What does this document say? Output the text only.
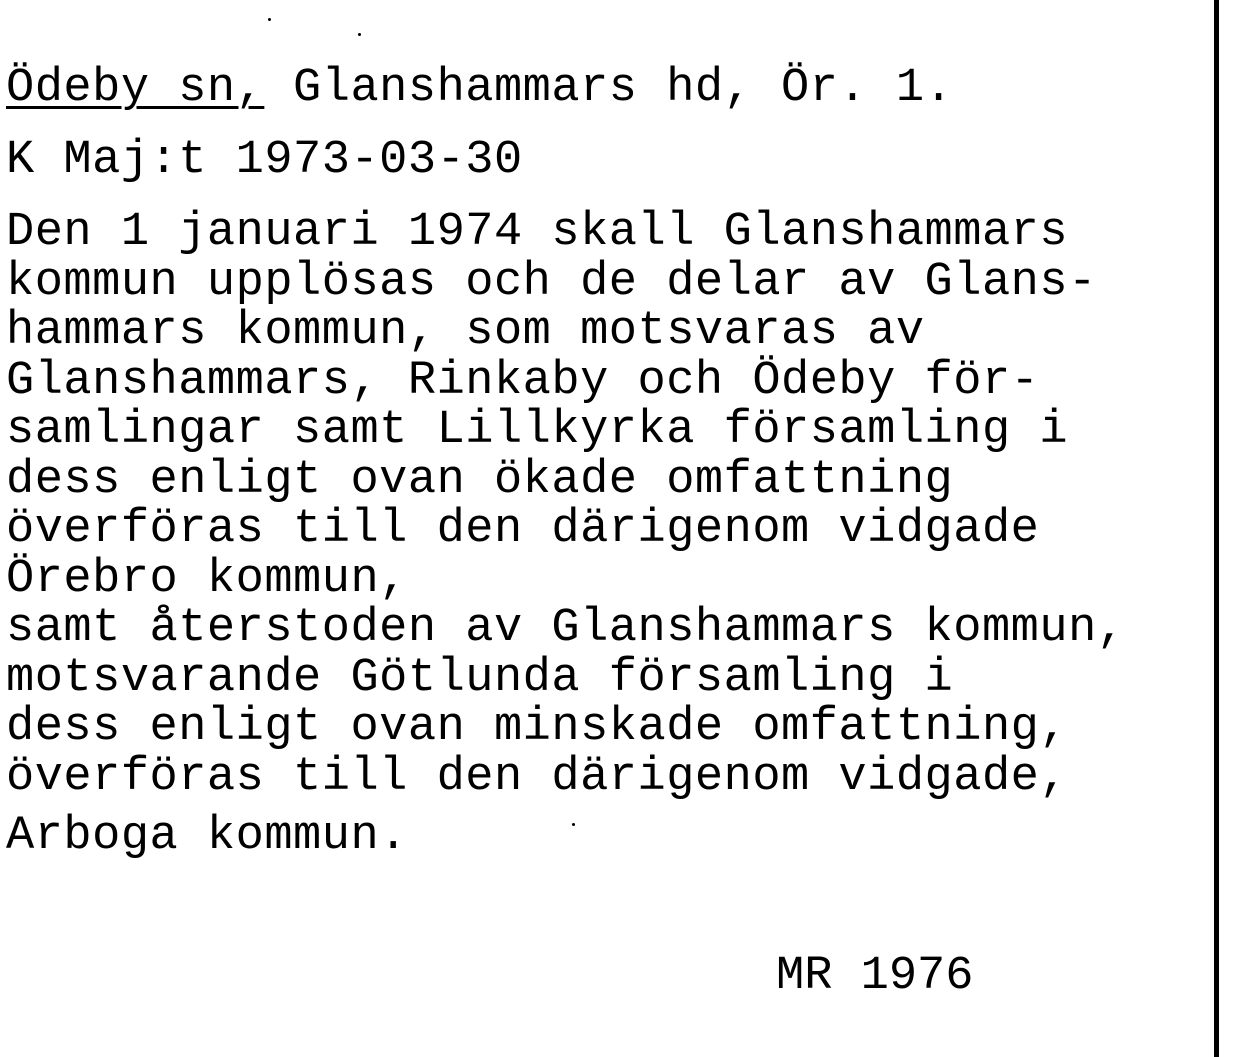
Ödeby sn, Glanshammars hd, Ör. 1.
K Maj:t 1973-03-30
Den 1 januari 1974 skall Glanshammars
kommun upplösas och de delar av Glans-
hammars kommun, som motsvaras av
Glanshammars, Rinkaby och Ödeby för-
samlingar samt Lillkyrka församling i
dess enligt ovan ökade omfattning
överföras till den därigenom vidgade
Örebro kommun,
samt återstoden av Glanshammars kommun,
motsvarande Götlunda församling i
dess enligt ovan minskade omfattning,
överföras till den därigenom vidgade,
Arboga kommun.
MR 1976
